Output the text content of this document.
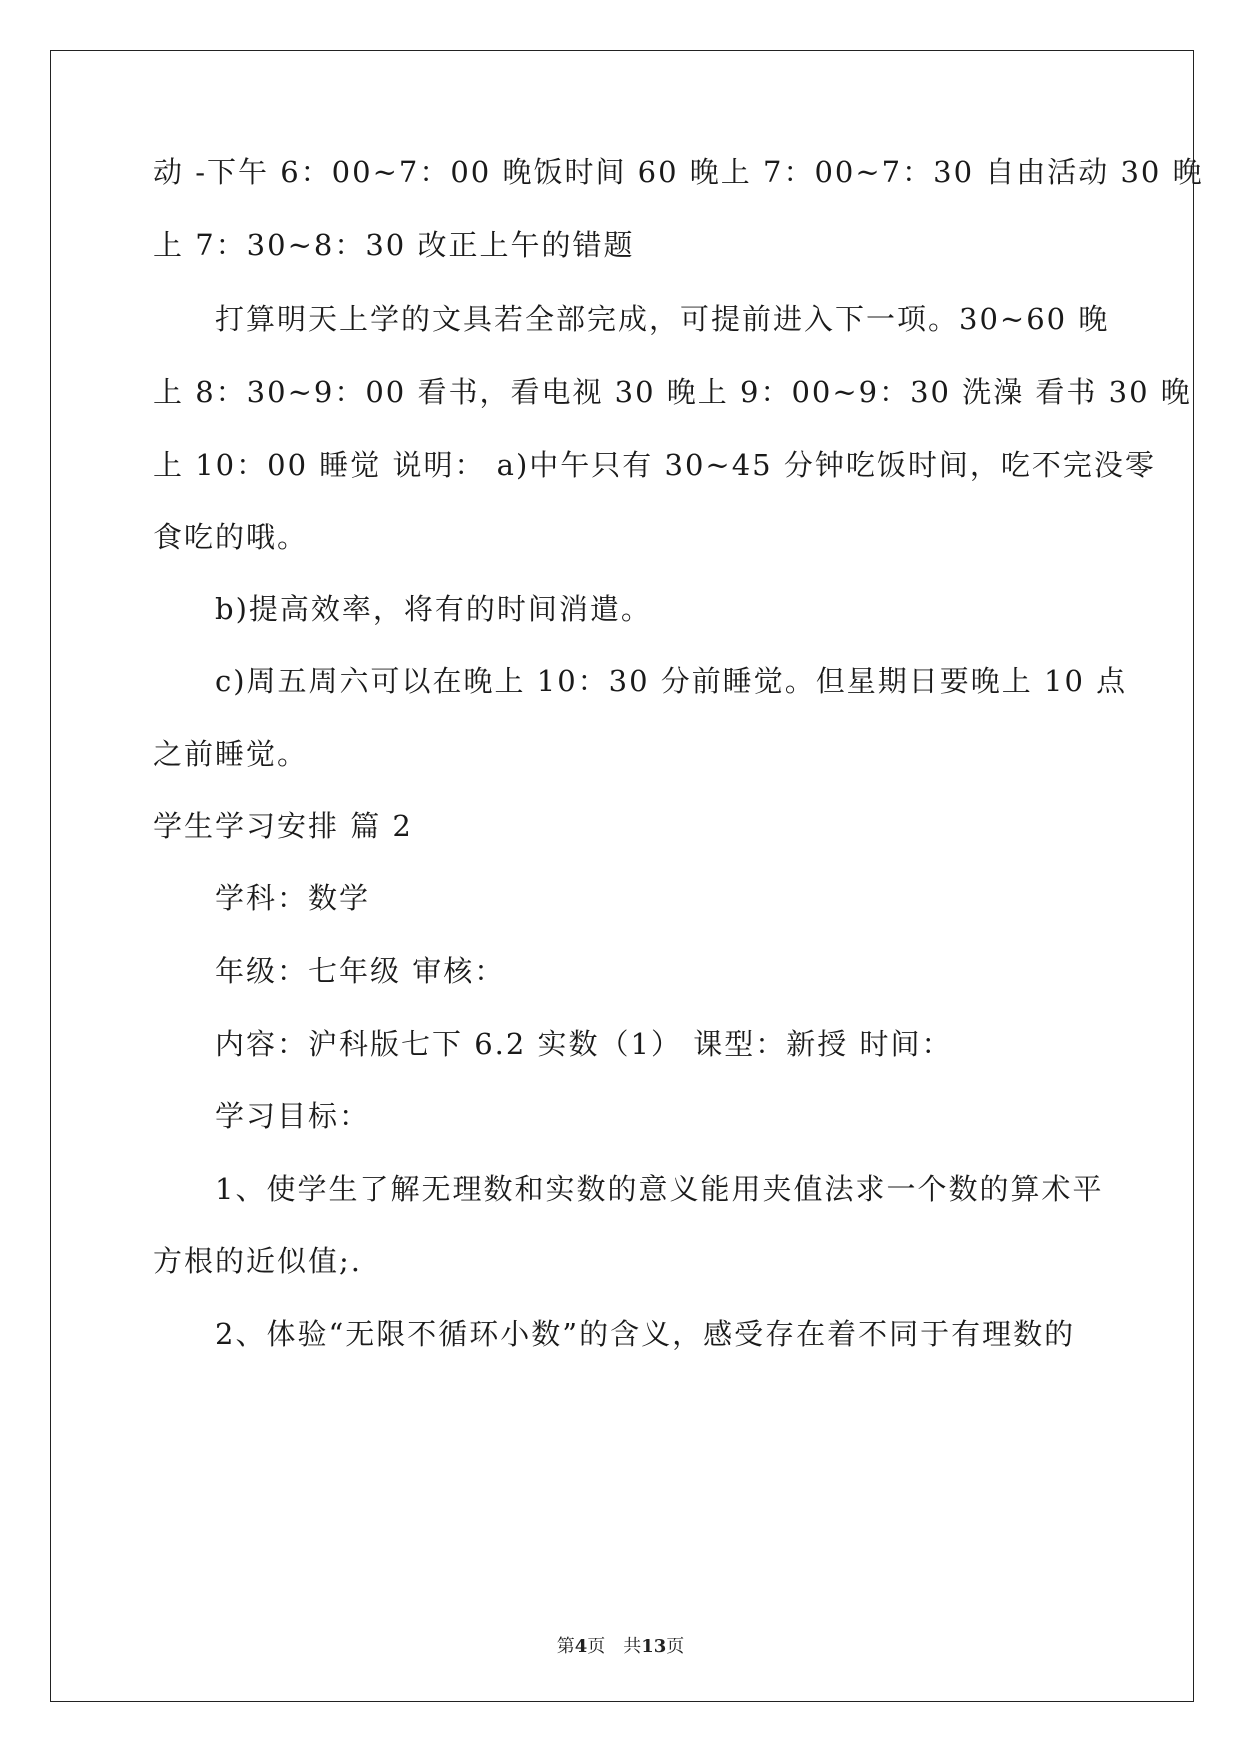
动 -下午 6：00~7：00 晚饭时间 60 晚上 7：00~7：30 自由活动 30 晚
上 7：30~8：30 改正上午的错题
打算明天上学的文具若全部完成，可提前进入下一项。30~60 晚
上 8：30~9：00 看书，看电视 30 晚上 9：00~9：30 洗澡 看书 30 晚
上 10：00 睡觉 说明： a)中午只有 30~45 分钟吃饭时间，吃不完没零
食吃的哦。
b)提高效率，将有的时间消遣。
c)周五周六可以在晚上 10：30 分前睡觉。但星期日要晚上 10 点
之前睡觉。
学生学习安排 篇 2
学科：数学
年级：七年级 审核：
内容：沪科版七下 6.2 实数（1） 课型：新授 时间：
学习目标：
1、使学生了解无理数和实数的意义能用夹值法求一个数的算术平
方根的近似值;.
2、体验“无限不循环小数”的含义，感受存在着不同于有理数的
第4页　共13页
